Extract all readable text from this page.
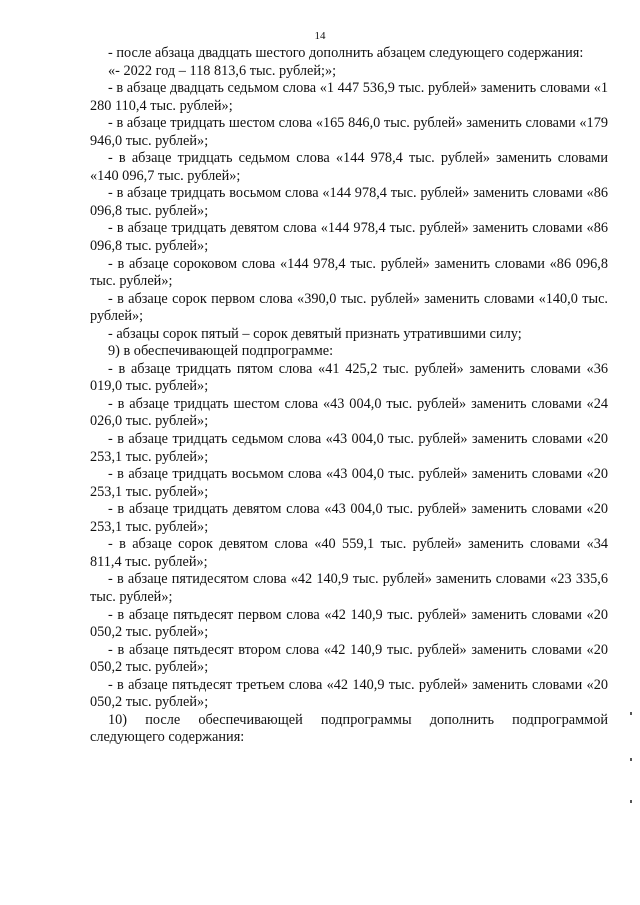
14

- после абзаца двадцать шестого дополнить абзацем следующего содержания:

«- 2022 год – 118 813,6 тыс. рублей;»;

- в абзаце двадцать седьмом слова «1 447 536,9 тыс. рублей» заменить словами «1 280 110,4 тыс. рублей»;

- в абзаце тридцать шестом слова «165 846,0 тыс. рублей» заменить словами «179 946,0 тыс. рублей»;

- в абзаце тридцать седьмом слова «144 978,4 тыс. рублей» заменить словами «140 096,7 тыс. рублей»;

- в абзаце тридцать восьмом слова «144 978,4 тыс. рублей» заменить словами «86 096,8 тыс. рублей»;

- в абзаце тридцать девятом слова «144 978,4 тыс. рублей» заменить словами «86 096,8 тыс. рублей»;

- в абзаце сороковом слова «144 978,4 тыс. рублей» заменить словами «86 096,8 тыс. рублей»;

- в абзаце сорок первом слова «390,0 тыс. рублей» заменить словами «140,0 тыс. рублей»;

- абзацы сорок пятый – сорок девятый признать утратившими силу;

9) в обеспечивающей подпрограмме:

- в абзаце тридцать пятом слова «41 425,2 тыс. рублей» заменить словами «36 019,0 тыс. рублей»;

- в абзаце тридцать шестом слова «43 004,0 тыс. рублей» заменить словами «24 026,0 тыс. рублей»;

- в абзаце тридцать седьмом слова «43 004,0 тыс. рублей» заменить словами «20 253,1 тыс. рублей»;

- в абзаце тридцать восьмом слова «43 004,0 тыс. рублей» заменить словами «20 253,1 тыс. рублей»;

- в абзаце тридцать девятом слова «43 004,0 тыс. рублей» заменить словами «20 253,1 тыс. рублей»;

- в абзаце сорок девятом слова «40 559,1 тыс. рублей» заменить словами «34 811,4 тыс. рублей»;

- в абзаце пятидесятом слова «42 140,9 тыс. рублей» заменить словами «23 335,6 тыс. рублей»;

- в абзаце пятьдесят первом слова «42 140,9 тыс. рублей» заменить словами «20 050,2 тыс. рублей»;

- в абзаце пятьдесят втором слова «42 140,9 тыс. рублей» заменить словами «20 050,2 тыс. рублей»;

- в абзаце пятьдесят третьем слова «42 140,9 тыс. рублей» заменить словами «20 050,2 тыс. рублей»;

10) после обеспечивающей подпрограммы дополнить подпрограммой следующего содержания:
